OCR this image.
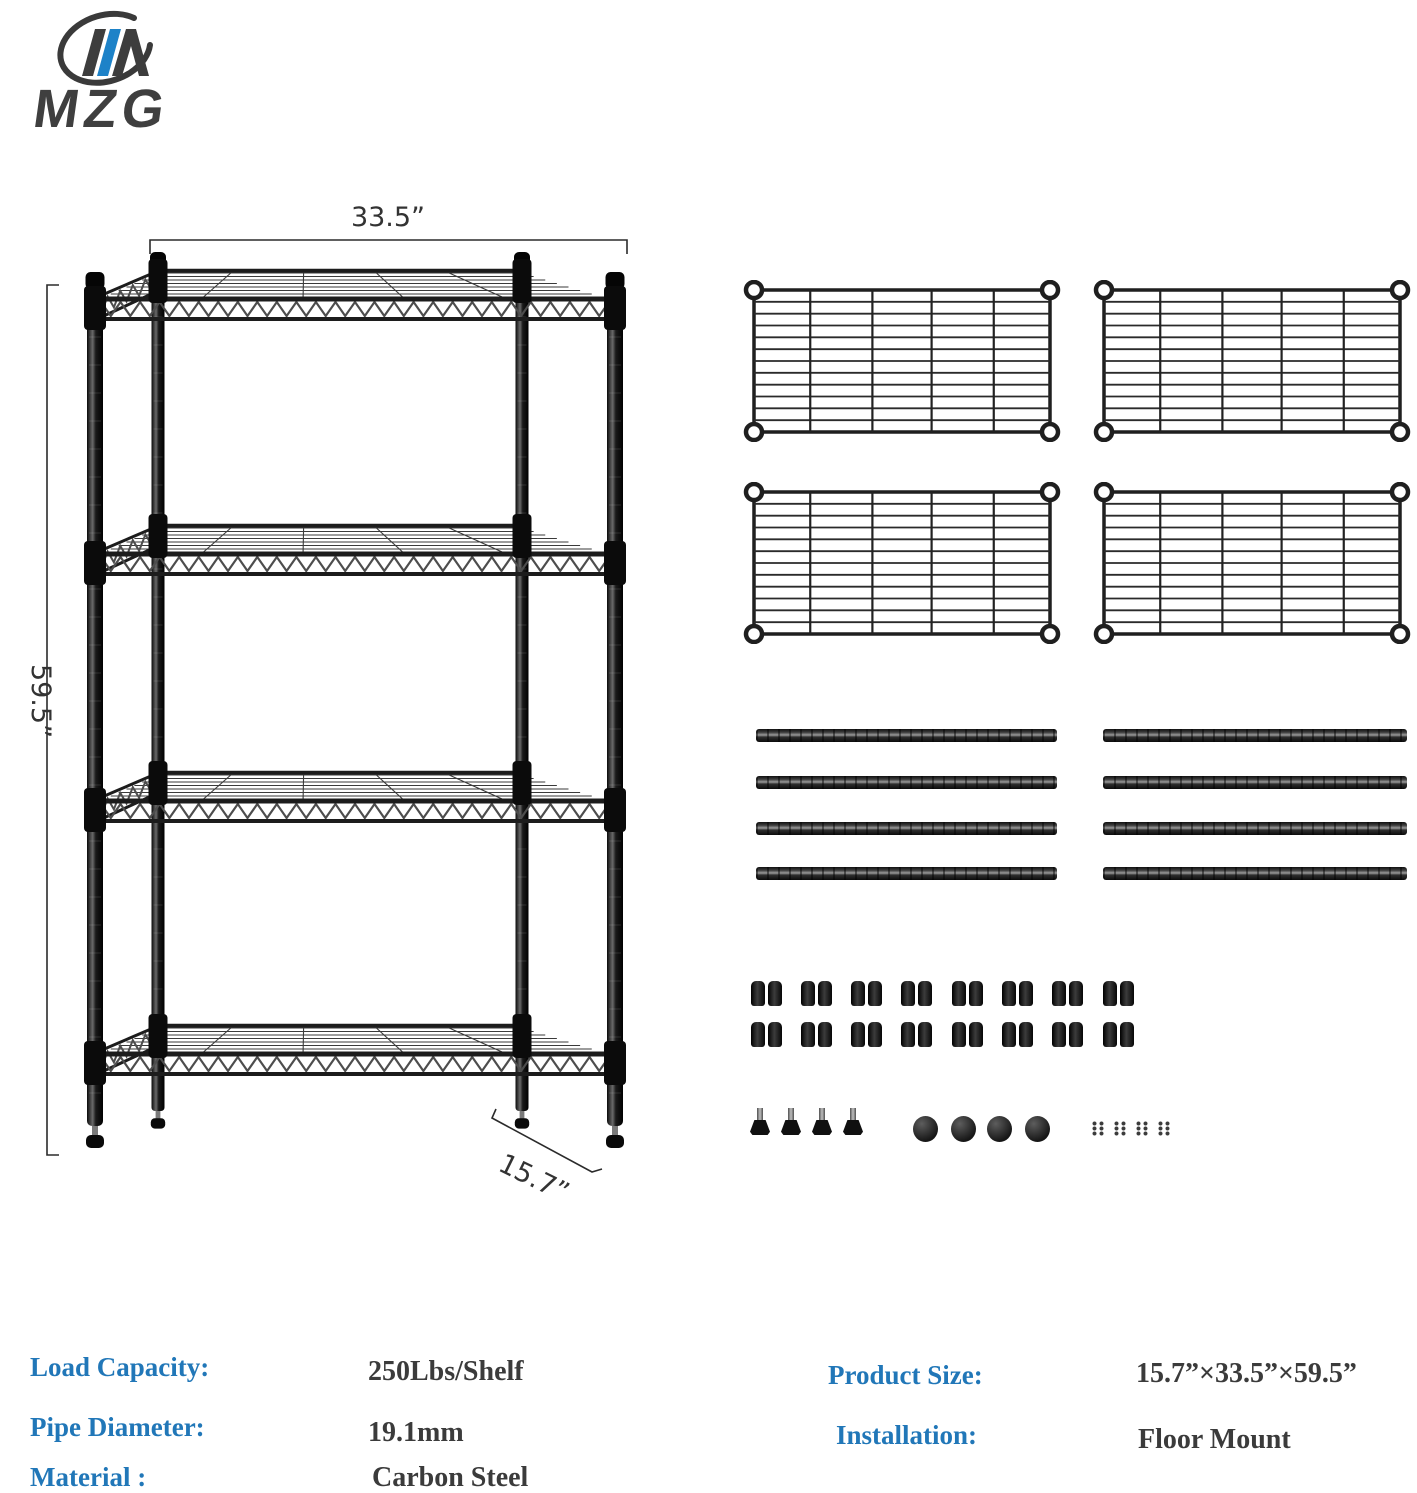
MZG
33.5”
59.5”
15.7”
Load Capacity:	250Lbs/Shelf
Pipe Diameter:	19.1mm
Material :	Carbon Steel
Product Size:	15.7”×33.5”×59.5”
Installation:	Floor Mount
